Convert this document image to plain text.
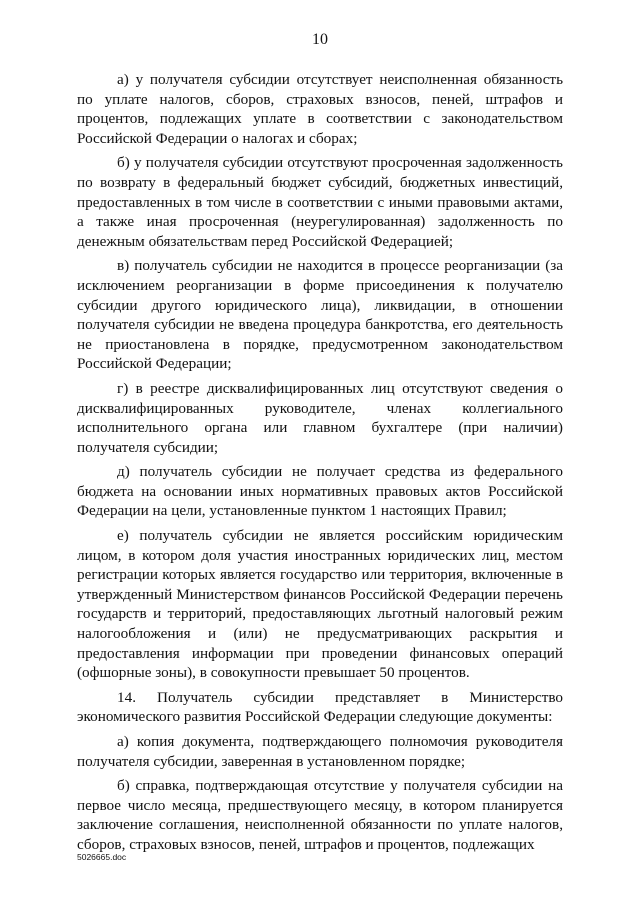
10

а) у получателя субсидии отсутствует неисполненная обязанность по уплате налогов, сборов, страховых взносов, пеней, штрафов и процентов, подлежащих уплате в соответствии с законодательством Российской Федерации о налогах и сборах;

б) у получателя субсидии отсутствуют просроченная задолженность по возврату в федеральный бюджет субсидий, бюджетных инвестиций, предоставленных в том числе в соответствии с иными правовыми актами, а также иная просроченная (неурегулированная) задолженность по денежным обязательствам перед Российской Федерацией;

в) получатель субсидии не находится в процессе реорганизации (за исключением реорганизации в форме присоединения к получателю субсидии другого юридического лица), ликвидации, в отношении получателя субсидии не введена процедура банкротства, его деятельность не приостановлена в порядке, предусмотренном законодательством Российской Федерации;

г) в реестре дисквалифицированных лиц отсутствуют сведения о дисквалифицированных руководителе, членах коллегиального исполнительного органа или главном бухгалтере (при наличии) получателя субсидии;

д) получатель субсидии не получает средства из федерального бюджета на основании иных нормативных правовых актов Российской Федерации на цели, установленные пунктом 1 настоящих Правил;

е) получатель субсидии не является российским юридическим лицом, в котором доля участия иностранных юридических лиц, местом регистрации которых является государство или территория, включенные в утвержденный Министерством финансов Российской Федерации перечень государств и территорий, предоставляющих льготный налоговый режим налогообложения и (или) не предусматривающих раскрытия и предоставления информации при проведении финансовых операций (офшорные зоны), в совокупности превышает 50 процентов.

14. Получатель субсидии представляет в Министерство экономического развития Российской Федерации следующие документы:

а) копия документа, подтверждающего полномочия руководителя получателя субсидии, заверенная в установленном порядке;

б) справка, подтверждающая отсутствие у получателя субсидии на первое число месяца, предшествующего месяцу, в котором планируется заключение соглашения, неисполненной обязанности по уплате налогов, сборов, страховых взносов, пеней, штрафов и процентов, подлежащих

5026665.doc
